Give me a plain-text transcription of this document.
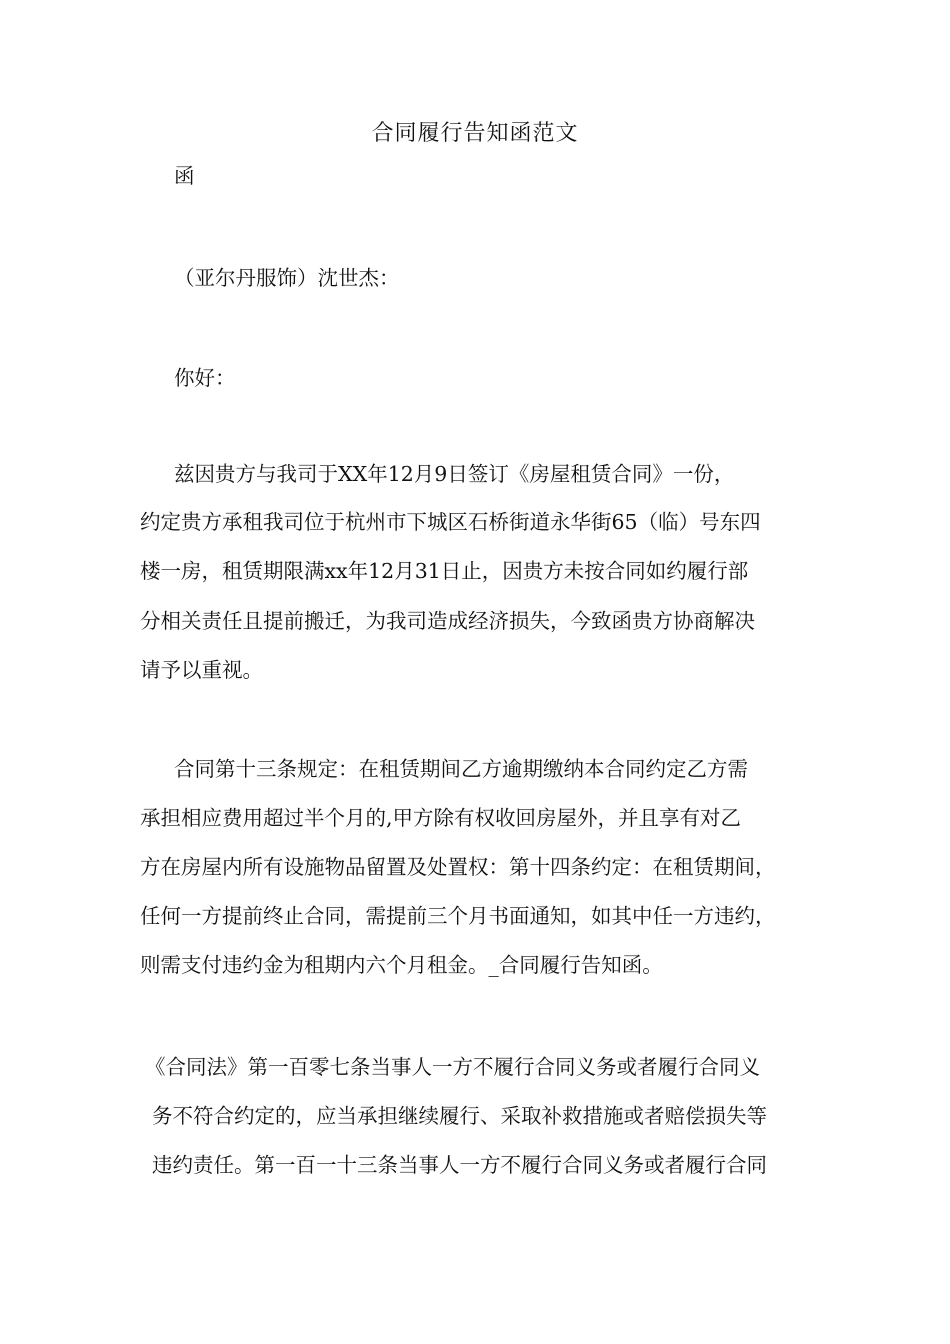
合同履行告知函范文

函

（亚尔丹服饰）沈世杰：

你好：

兹因贵方与我司于XX年12月9日签订《房屋租赁合同》一份，

约定贵方承租我司位于杭州市下城区石桥街道永华街65（临）号东四

楼一房，租赁期限满xx年12月31日止，因贵方未按合同如约履行部

分相关责任且提前搬迁，为我司造成经济损失，今致函贵方协商解决

请予以重视。

合同第十三条规定：在租赁期间乙方逾期缴纳本合同约定乙方需

承担相应费用超过半个月的,甲方除有权收回房屋外，并且享有对乙

方在房屋内所有设施物品留置及处置权：第十四条约定：在租赁期间，

任何一方提前终止合同，需提前三个月书面通知，如其中任一方违约，

则需支付违约金为租期内六个月租金。_合同履行告知函。

《合同法》第一百零七条当事人一方不履行合同义务或者履行合同义

务不符合约定的，应当承担继续履行、采取补救措施或者赔偿损失等

违约责任。第一百一十三条当事人一方不履行合同义务或者履行合同
